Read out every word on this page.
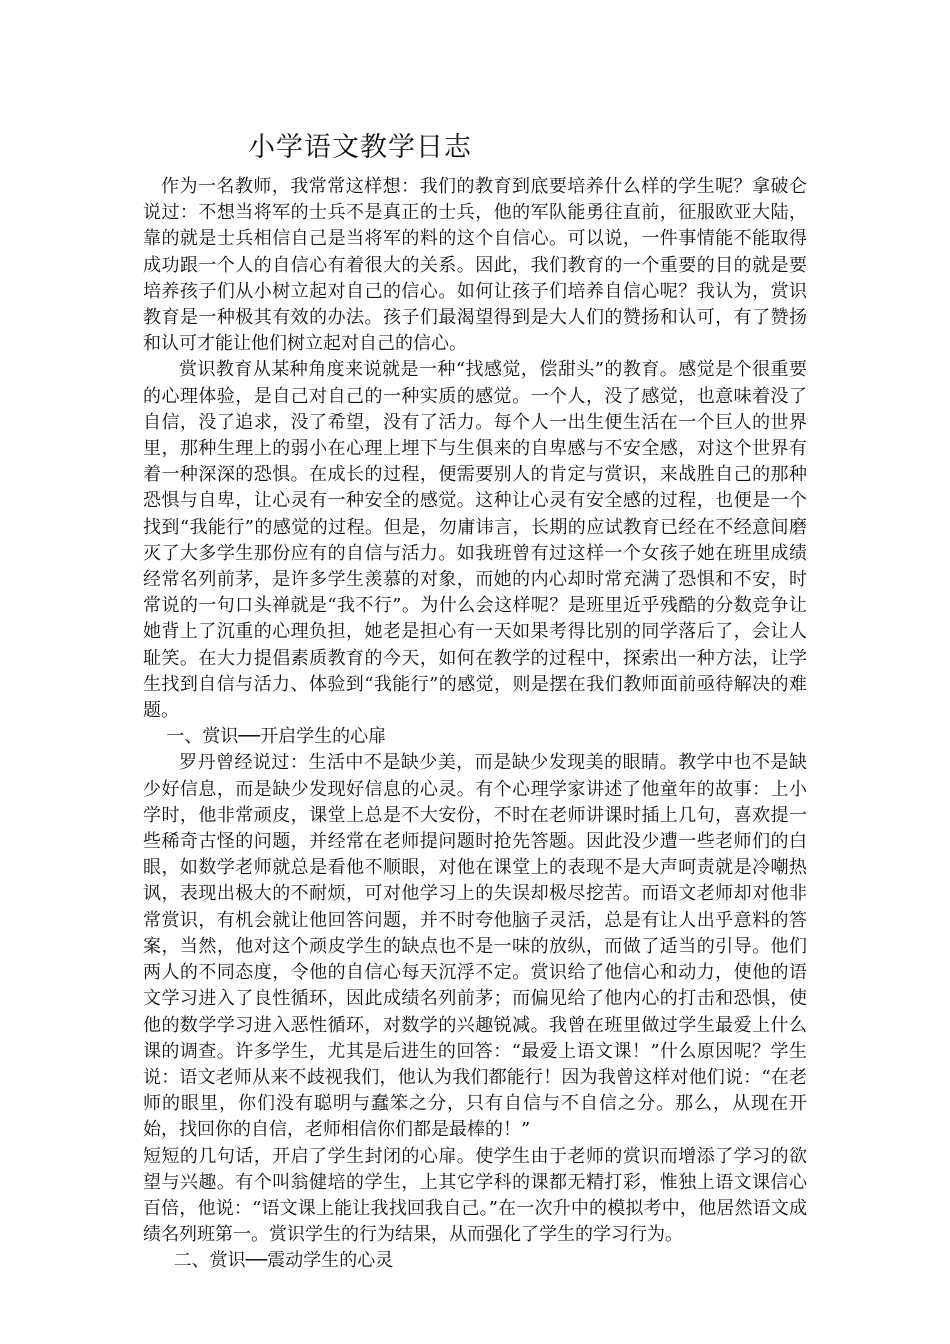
小学语文教学日志

作为一名教师，我常常这样想：我们的教育到底要培养什么样的学生呢？拿破仑说过：不想当将军的士兵不是真正的士兵，他的军队能勇往直前，征服欧亚大陆，靠的就是士兵相信自己是当将军的料的这个自信心。可以说，一件事情能不能取得成功跟一个人的自信心有着很大的关系。因此，我们教育的一个重要的目的就是要培养孩子们从小树立起对自己的信心。如何让孩子们培养自信心呢？我认为，赏识教育是一种极其有效的办法。孩子们最渴望得到是大人们的赞扬和认可，有了赞扬和认可才能让他们树立起对自己的信心。

赏识教育从某种角度来说就是一种“找感觉，偿甜头”的教育。感觉是个很重要的心理体验，是自己对自己的一种实质的感觉。一个人，没了感觉，也意味着没了自信，没了追求，没了希望，没有了活力。每个人一出生便生活在一个巨人的世界里，那种生理上的弱小在心理上埋下与生俱来的自卑感与不安全感，对这个世界有着一种深深的恐惧。在成长的过程，便需要别人的肯定与赏识，来战胜自己的那种恐惧与自卑，让心灵有一种安全的感觉。这种让心灵有安全感的过程，也便是一个找到“我能行”的感觉的过程。但是，勿庸讳言，长期的应试教育已经在不经意间磨灭了大多学生那份应有的自信与活力。如我班曾有过这样一个女孩子她在班里成绩经常名列前茅，是许多学生羡慕的对象，而她的内心却时常充满了恐惧和不安，时常说的一句口头禅就是“我不行”。为什么会这样呢？是班里近乎残酷的分数竞争让她背上了沉重的心理负担，她老是担心有一天如果考得比别的同学落后了，会让人耻笑。在大力提倡素质教育的今天，如何在教学的过程中，探索出一种方法，让学生找到自信与活力、体验到“我能行”的感觉，则是摆在我们教师面前亟待解决的难题。

一、赏识──开启学生的心扉

罗丹曾经说过：生活中不是缺少美，而是缺少发现美的眼睛。教学中也不是缺少好信息，而是缺少发现好信息的心灵。有个心理学家讲述了他童年的故事：上小学时，他非常顽皮，课堂上总是不大安份，不时在老师讲课时插上几句，喜欢提一些稀奇古怪的问题，并经常在老师提问题时抢先答题。因此没少遭一些老师们的白眼，如数学老师就总是看他不顺眼，对他在课堂上的表现不是大声呵责就是冷嘲热讽，表现出极大的不耐烦，可对他学习上的失误却极尽挖苦。而语文老师却对他非常赏识，有机会就让他回答问题，并不时夸他脑子灵活，总是有让人出乎意料的答案，当然，他对这个顽皮学生的缺点也不是一味的放纵，而做了适当的引导。他们两人的不同态度，令他的自信心每天沉浮不定。赏识给了他信心和动力，使他的语文学习进入了良性循环，因此成绩名列前茅；而偏见给了他内心的打击和恐惧，使他的数学学习进入恶性循环，对数学的兴趣锐减。我曾在班里做过学生最爱上什么课的调查。许多学生，尤其是后进生的回答：“最爱上语文课！”什么原因呢？学生说：语文老师从来不歧视我们，他认为我们都能行！因为我曾这样对他们说：“在老师的眼里，你们没有聪明与蠢笨之分，只有自信与不自信之分。那么，从现在开始，找回你的自信，老师相信你们都是最棒的！”

短短的几句话，开启了学生封闭的心扉。使学生由于老师的赏识而增添了学习的欲望与兴趣。有个叫翁健培的学生，上其它学科的课都无精打彩，惟独上语文课信心百倍，他说：“语文课上能让我找回我自己。”在一次升中的模拟考中，他居然语文成绩名列班第一。赏识学生的行为结果，从而强化了学生的学习行为。

二、赏识──震动学生的心灵
